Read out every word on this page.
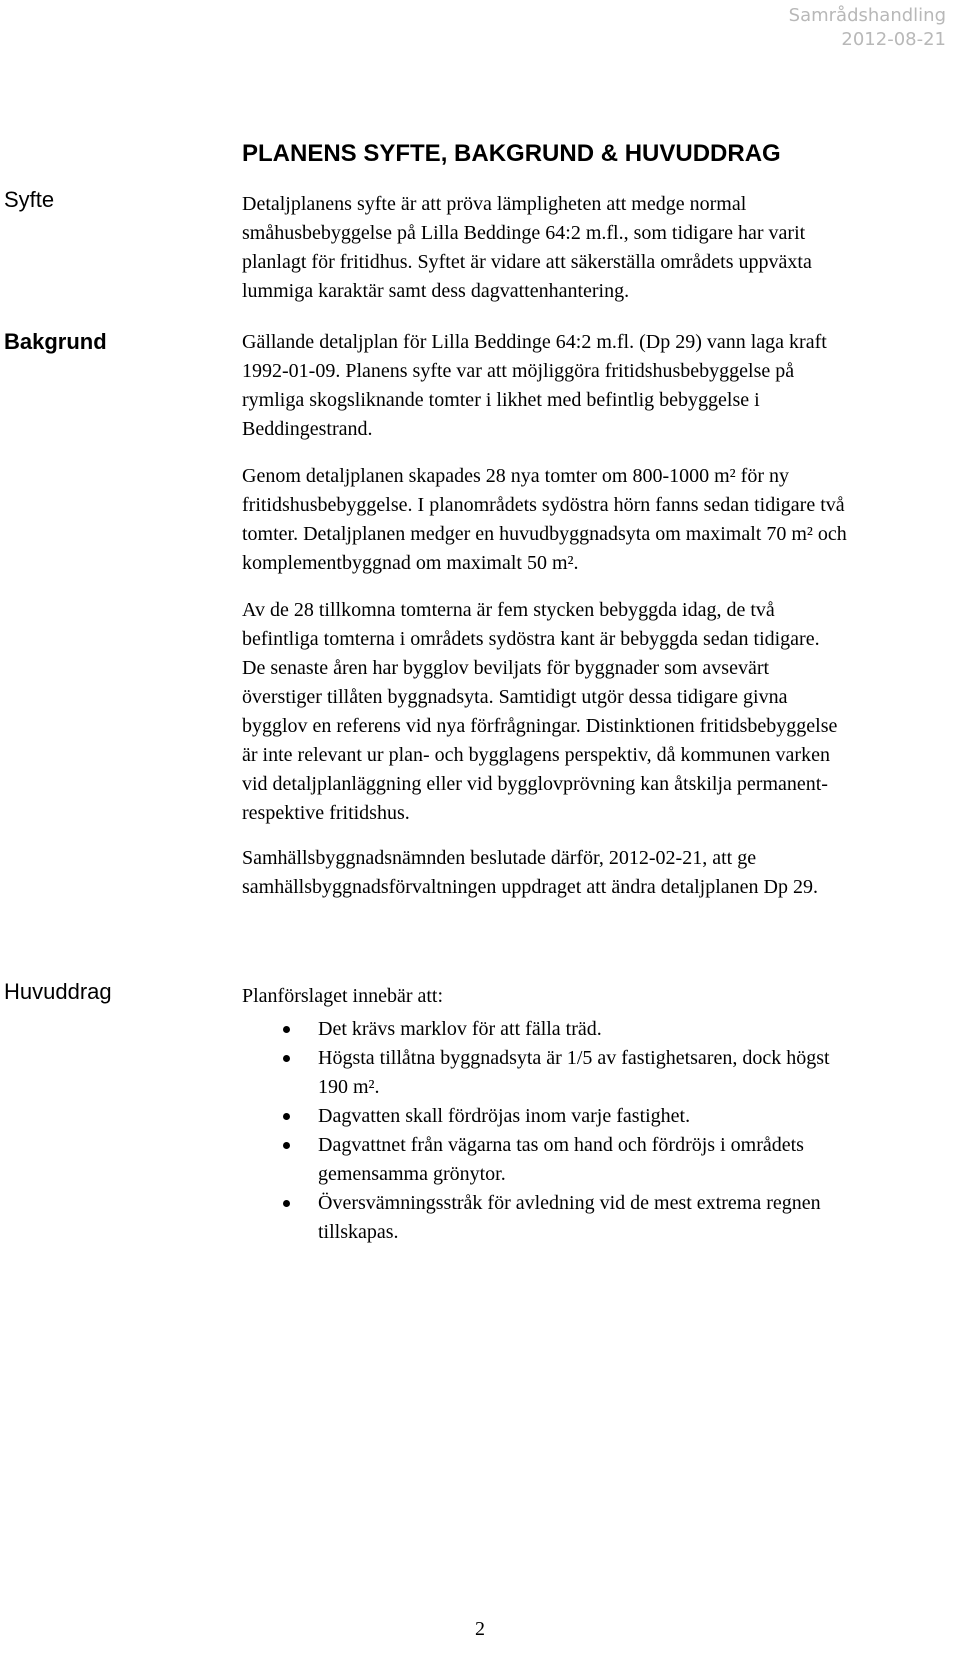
Samrådshandling
2012-08-21
PLANENS SYFTE, BAKGRUND & HUVUDDRAG
Syfte	Detaljplanens syfte är att pröva lämpligheten att medge normal
småhusbebyggelse på Lilla Beddinge 64:2 m.fl., som tidigare har varit
planlagt för fritidhus. Syftet är vidare att säkerställa områdets uppväxta
lummiga karaktär samt dess dagvattenhantering.

Bakgrund	Gällande detaljplan för Lilla Beddinge 64:2 m.fl. (Dp 29) vann laga kraft
1992-01-09. Planens syfte var att möjliggöra fritidshusbebyggelse på
rymliga skogsliknande tomter i likhet med befintlig bebyggelse i
Beddingestrand.

Genom detaljplanen skapades 28 nya tomter om 800-1000 m² för ny
fritidshusbebyggelse. I planområdets sydöstra hörn fanns sedan tidigare två
tomter. Detaljplanen medger en huvudbyggnadsyta om maximalt 70 m² och
komplementbyggnad om maximalt 50 m².

Av de 28 tillkomna tomterna är fem stycken bebyggda idag, de två
befintliga tomterna i områdets sydöstra kant är bebyggda sedan tidigare.
De senaste åren har bygglov beviljats för byggnader som avsevärt
överstiger tillåten byggnadsyta. Samtidigt utgör dessa tidigare givna
bygglov en referens vid nya förfrågningar. Distinktionen fritidsbebyggelse
är inte relevant ur plan- och bygglagens perspektiv, då kommunen varken
vid detaljplanläggning eller vid bygglovprövning kan åtskilja permanent-
respektive fritidshus.

Samhällsbyggnadsnämnden beslutade därför, 2012-02-21, att ge
samhällsbyggnadsförvaltningen uppdraget att ändra detaljplanen Dp 29.

Huvuddrag	Planförslaget innebär att:

Det krävs marklov för att fälla träd.
Högsta tillåtna byggnadsyta är 1/5 av fastighetsaren, dock högst
190 m².
Dagvatten skall fördröjas inom varje fastighet.
Dagvattnet från vägarna tas om hand och fördröjs i områdets
gemensamma grönytor.
Översvämningsstråk för avledning vid de mest extrema regnen
tillskapas.
2
